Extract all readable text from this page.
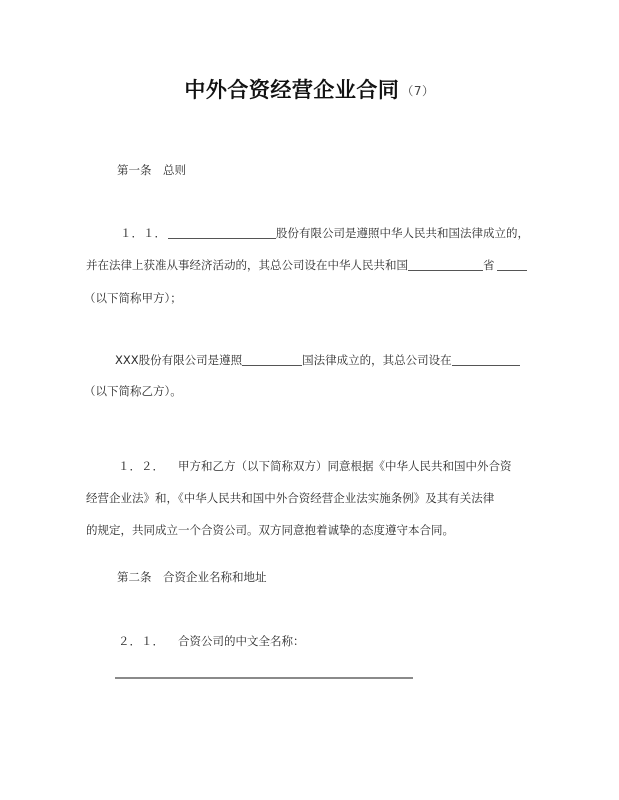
中外合资经营企业合同 （7）
第一条　总则
１．１．	股份有限公司是遵照中华人民共和国法律成立的，
并在法律上获准从事经济活动的，其总公司设在中华人民共和国	省
（以下简称甲方）；
XXX股份有限公司是遵照	国法律成立的，其总公司设在
（以下简称乙方）。
１．２． 甲方和乙方（以下简称双方）同意根据《中华人民共和国中外合资
经营企业法》和，《中华人民共和国中外合资经营企业法实施条例》及其有关法律
的规定，共同成立一个合资公司。双方同意抱着诚挚的态度遵守本合同。
第二条　合资企业名称和地址
２．１． 合资公司的中文全名称：
